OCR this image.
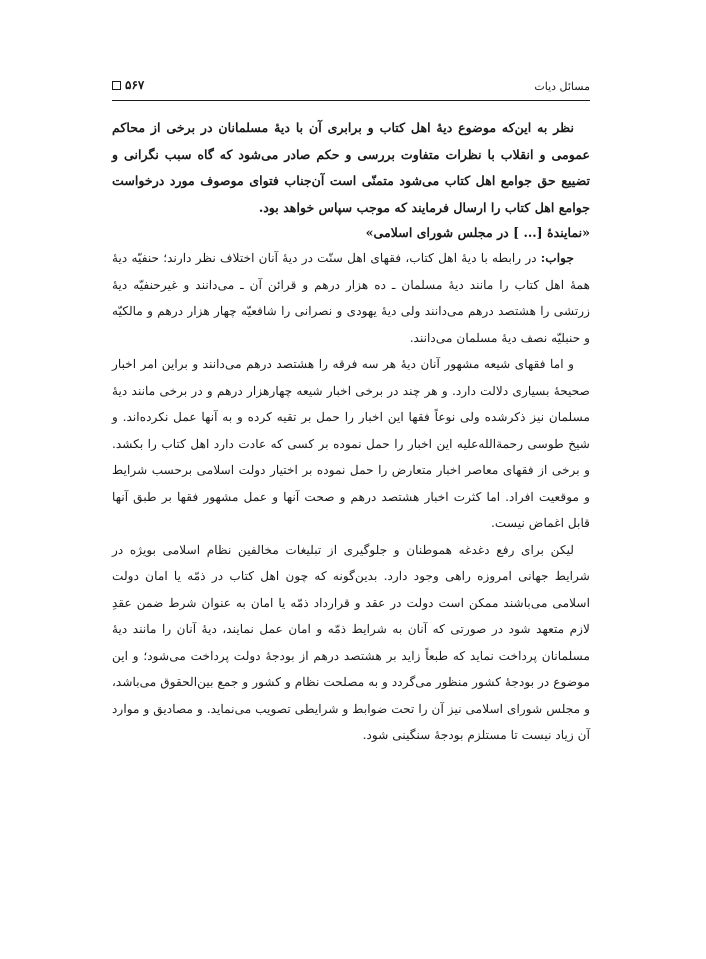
مسائل دیات
۵۶۷

نظر به این‌که موضوع دیهٔ اهل کتاب و برابری آن با دیهٔ مسلمانان در برخی از محاکم عمومی و انقلاب با نظرات متفاوت بررسی و حکم صادر می‌شود که گاه سبب نگرانی و تضییع حق جوامع اهل کتاب می‌شود متمنّی است آن‌جناب فتوای موصوف مورد درخواست جوامع اهل کتاب را ارسال فرمایند که موجب سپاس خواهد بود.

«نمایندهٔ [... ] در مجلس شورای اسلامی»

جواب: در رابطه با دیهٔ اهل کتاب، فقهای اهل سنّت در دیهٔ آنان اختلاف نظر دارند؛ حنفیّه دیهٔ همهٔ اهل کتاب را مانند دیهٔ مسلمان ـ ده هزار درهم و قرائن آن ـ می‌دانند و غیرحنفیّه دیهٔ زرتشی را هشتصد درهم می‌دانند ولی دیهٔ یهودی و نصرانی را شافعیّه چهار هزار درهم و مالکیّه و حنبلیّه نصف دیهٔ مسلمان می‌دانند.

و اما فقهای شیعه مشهور آنان دیهٔ هر سه فرقه را هشتصد درهم می‌دانند و براین امر اخبار صحیحهٔ بسیاری دلالت دارد. و هر چند در برخی اخبار شیعه چهارهزار درهم و در برخی مانند دیهٔ مسلمان نیز ذکرشده ولی نوعاً فقها این اخبار را حمل بر تقیه کرده و به آنها عمل نکرده‌اند. و شیخ طوسی رحمةالله‌علیه این اخبار را حمل نموده بر کسی که عادت دارد اهل کتاب را بکشد. و برخی از فقهای معاصر اخبار متعارض را حمل نموده بر اختیار دولت اسلامی برحسب شرایط و موقعیت افراد. اما کثرت اخبار هشتصد درهم و صحت آنها و عمل مشهور فقها بر طبق آنها قابل اغماض نیست.

لیکن برای رفع دغدغه هموطنان و جلوگیری از تبلیغات مخالفین نظام اسلامی بویژه در شرایط جهانی امروزه راهی وجود دارد. بدین‌گونه که چون اهل کتاب در ذمّه یا امان دولت اسلامی می‌باشند ممکن است دولت در عقد و قرارداد ذمّه یا امان به عنوان شرط ضمن عقدِ لازم متعهد شود در صورتی که آنان به شرایط ذمّه و امان عمل نمایند، دیهٔ آنان را مانند دیهٔ مسلمانان پرداخت نماید که طبعاً زاید بر هشتصد درهم از بودجهٔ دولت پرداخت می‌شود؛ و این موضوع در بودجهٔ کشور منظور می‌گردد و به مصلحت نظام و کشور و جمع بین‌الحقوق می‌باشد، و مجلس شورای اسلامی نیز آن را تحت ضوابط و شرایطی تصویب می‌نماید. و مصادیق و موارد آن زیاد نیست تا مستلزم بودجهٔ سنگینی شود.
